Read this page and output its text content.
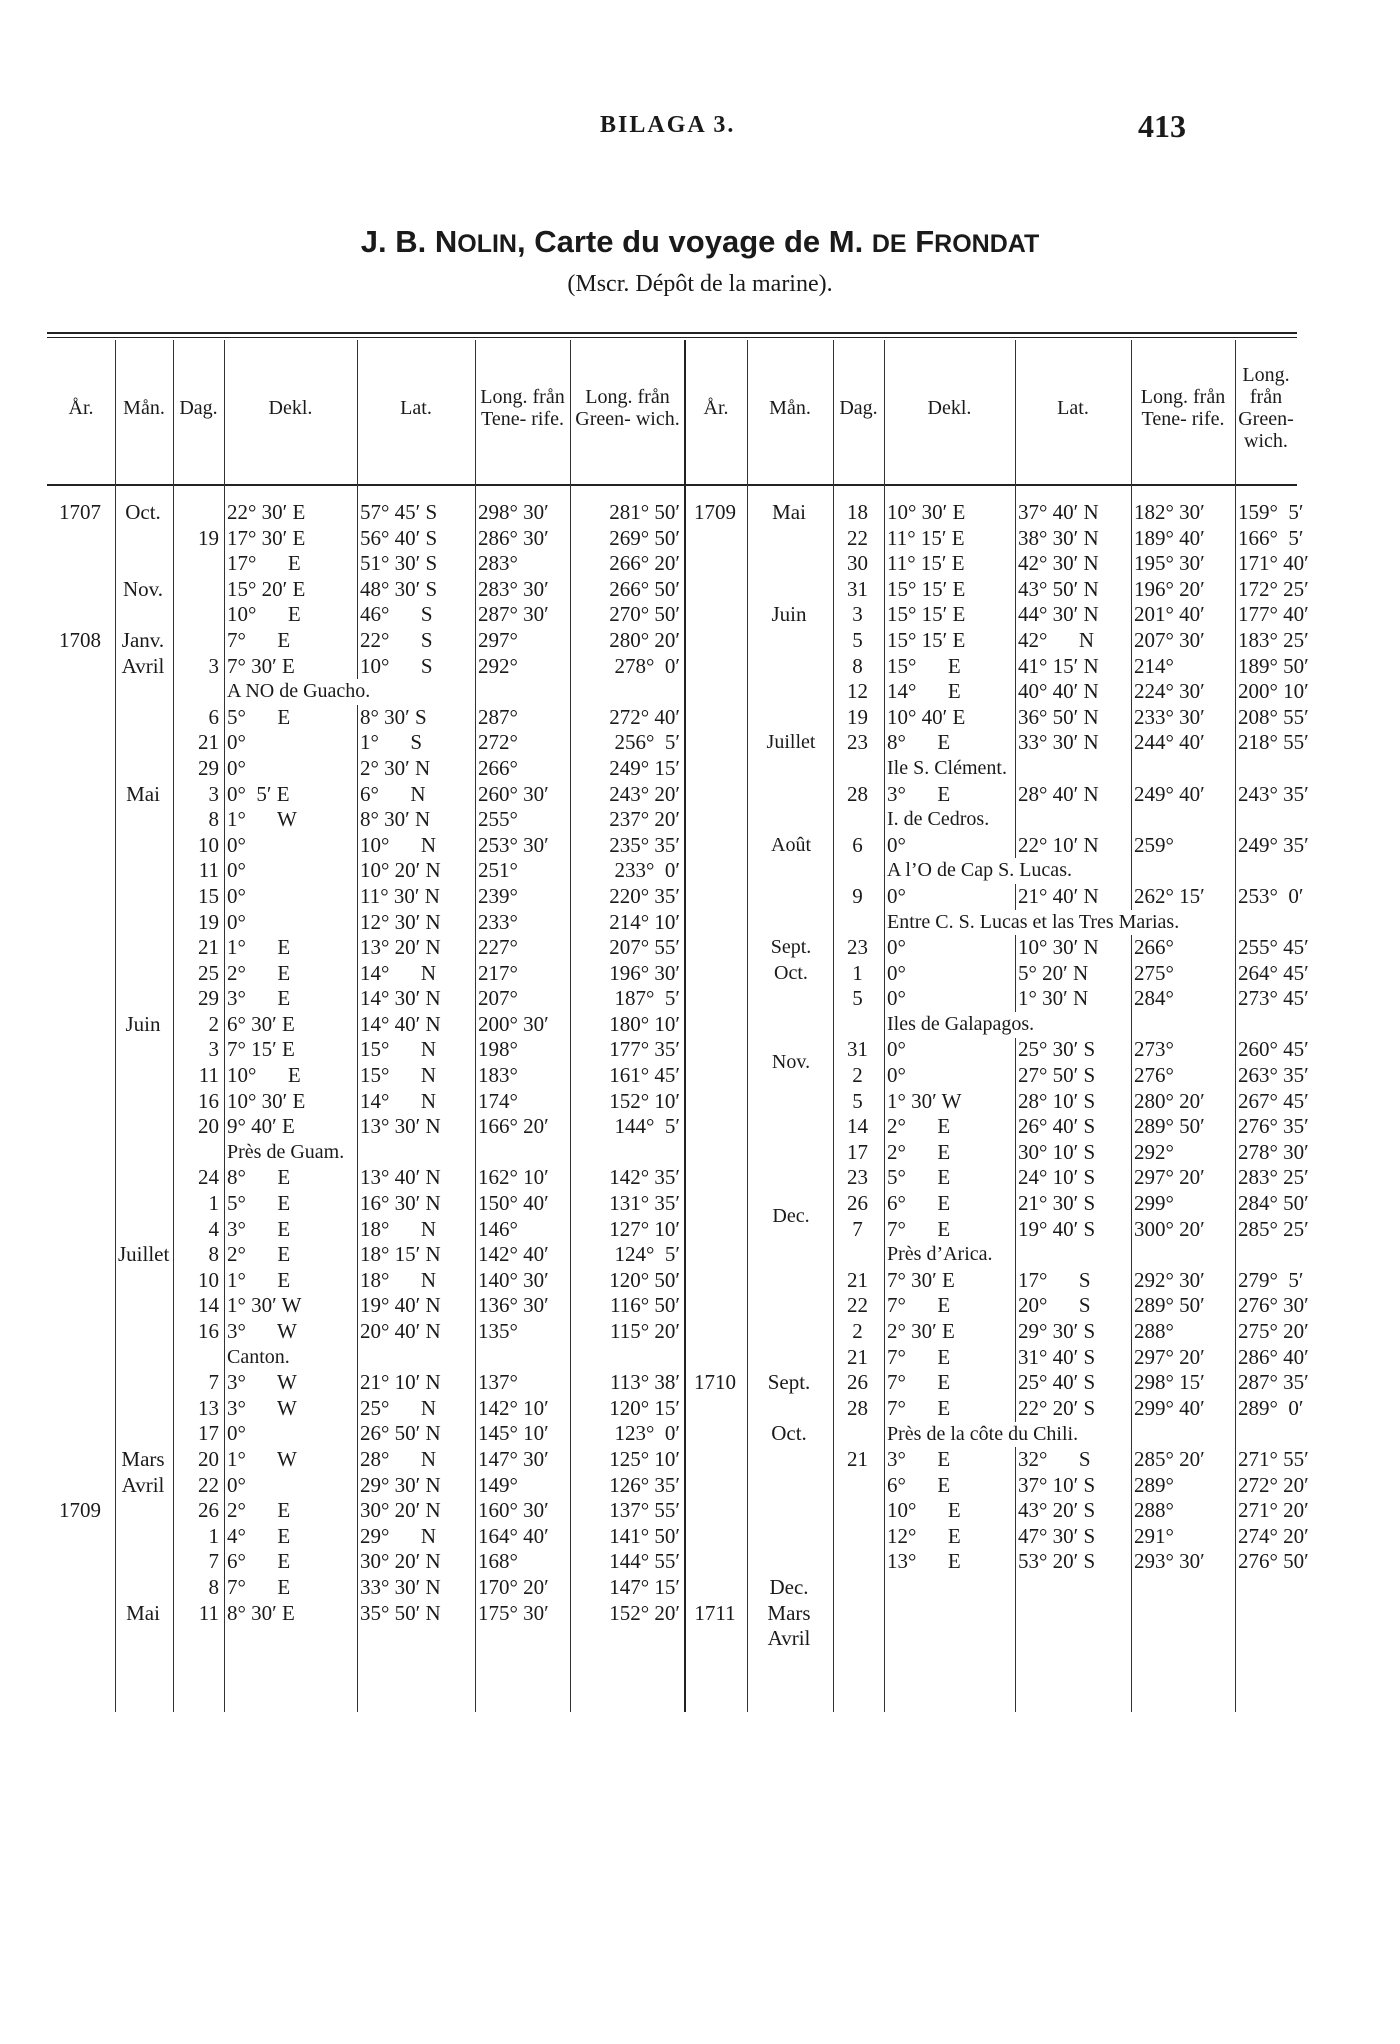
BILAGA 3.	413
J. B. NOLIN, Carte du voyage de M. DE FRONDAT
(Mscr. Dépôt de la marine).
År.
1707
1708
1709
Mån.
Oct.
Nov.
Janv.
Avril
Mai
Juin
Juillet
Mars
Avril
Mai
Dag.
19
3
6
21
29
3
8
10
11
15
19
21
25
29
2
3
11
16
20
24
1
4
8
10
14
16
7
13
17
20
22
26
1
7
8
11
Dekl.
22° 30′ E
17° 30′ E
17°      E
15° 20′ E
10°      E
7°      E
7° 30′ E
5°      E
0°
0°
0°  5′ E
1°      W
0°
0°
0°
0°
1°      E
2°      E
3°      E
6° 30′ E
7° 15′ E
10°      E
10° 30′ E
9° 40′ E
8°      E
5°      E
3°      E
2°      E
1°      E
1° 30′ W
3°      W
3°      W
3°      W
0°
1°      W
0°
2°      E
4°      E
6°      E
7°      E
8° 30′ E
Lat.
57° 45′ S
56° 40′ S
51° 30′ S
48° 30′ S
46°      S
22°      S
10°      S
8° 30′ S
1°      S
2° 30′ N
6°      N
8° 30′ N
10°      N
10° 20′ N
11° 30′ N
12° 30′ N
13° 20′ N
14°      N
14° 30′ N
14° 40′ N
15°      N
15°      N
14°      N
13° 30′ N
13° 40′ N
16° 30′ N
18°      N
18° 15′ N
18°      N
19° 40′ N
20° 40′ N
21° 10′ N
25°      N
26° 50′ N
28°      N
29° 30′ N
30° 20′ N
29°      N
30° 20′ N
33° 30′ N
35° 50′ N
Long. från Tene- rife.
298° 30′
286° 30′
283°
283° 30′
287° 30′
297°
292°
287°
272°
266°
260° 30′
255°
253° 30′
251°
239°
233°
227°
217°
207°
200° 30′
198°
183°
174°
166° 20′
162° 10′
150° 40′
146°
142° 40′
140° 30′
136° 30′
135°
137°
142° 10′
145° 10′
147° 30′
149°
160° 30′
164° 40′
168°
170° 20′
175° 30′
Long. från Green- wich.
281° 50′
269° 50′
266° 20′
266° 50′
270° 50′
280° 20′
278°  0′
272° 40′
256°  5′
249° 15′
243° 20′
237° 20′
235° 35′
233°  0′
220° 35′
214° 10′
207° 55′
196° 30′
187°  5′
180° 10′
177° 35′
161° 45′
152° 10′
144°  5′
142° 35′
131° 35′
127° 10′
124°  5′
120° 50′
116° 50′
115° 20′
113° 38′
120° 15′
123°  0′
125° 10′
126° 35′
137° 55′
141° 50′
144° 55′
147° 15′
152° 20′
A NO de Guacho.
Près de Guam.
Canton.
År.
1709
1710
1711
Mån.
Mai
Juin
Sept.
Oct.
Dec.
Mars
Avril
Dag.
18
22
30
31
3
5
8
12
19
23
28
6
9
23
1
5
31
2
5
14
17
23
26
7
21
22
2
21
26
28
21
Dekl.
10° 30′ E
11° 15′ E
11° 15′ E
15° 15′ E
15° 15′ E
15° 15′ E
15°      E
14°      E
10° 40′ E
8°      E
3°      E
0°
0°
0°
0°
0°
0°
0°
1° 30′ W
2°      E
2°      E
5°      E
6°      E
7°      E
7° 30′ E
7°      E
2° 30′ E
7°      E
7°      E
7°      E
3°      E
6°      E
10°      E
12°      E
13°      E
Lat.
37° 40′ N
38° 30′ N
42° 30′ N
43° 50′ N
44° 30′ N
42°      N
41° 15′ N
40° 40′ N
36° 50′ N
33° 30′ N
28° 40′ N
22° 10′ N
21° 40′ N
10° 30′ N
5° 20′ N
1° 30′ N
25° 30′ S
27° 50′ S
28° 10′ S
26° 40′ S
30° 10′ S
24° 10′ S
21° 30′ S
19° 40′ S
17°      S
20°      S
29° 30′ S
31° 40′ S
25° 40′ S
22° 20′ S
32°      S
37° 10′ S
43° 20′ S
47° 30′ S
53° 20′ S
Long. från Tene- rife.
182° 30′
189° 40′
195° 30′
196° 20′
201° 40′
207° 30′
214°
224° 30′
233° 30′
244° 40′
249° 40′
259°
262° 15′
266°
275°
284°
273°
276°
280° 20′
289° 50′
292°
297° 20′
299°
300° 20′
292° 30′
289° 50′
288°
297° 20′
298° 15′
299° 40′
285° 20′
289°
288°
291°
293° 30′
Long. från Green- wich.
159°  5′
166°  5′
171° 40′
172° 25′
177° 40′
183° 25′
189° 50′
200° 10′
208° 55′
218° 55′
243° 35′
249° 35′
253°  0′
255° 45′
264° 45′
273° 45′
260° 45′
263° 35′
267° 45′
276° 35′
278° 30′
283° 25′
284° 50′
285° 25′
279°  5′
276° 30′
275° 20′
286° 40′
287° 35′
289°  0′
271° 55′
272° 20′
271° 20′
274° 20′
276° 50′
Ile S. Clément.
I. de Cedros.
A l’O de Cap S. Lucas.
Entre C. S. Lucas et las Tres Marias.
Iles de Galapagos.
Près d’Arica.
Près de la côte du Chili.
Juillet
Août
Sept.
Oct.
Nov.
Dec.
